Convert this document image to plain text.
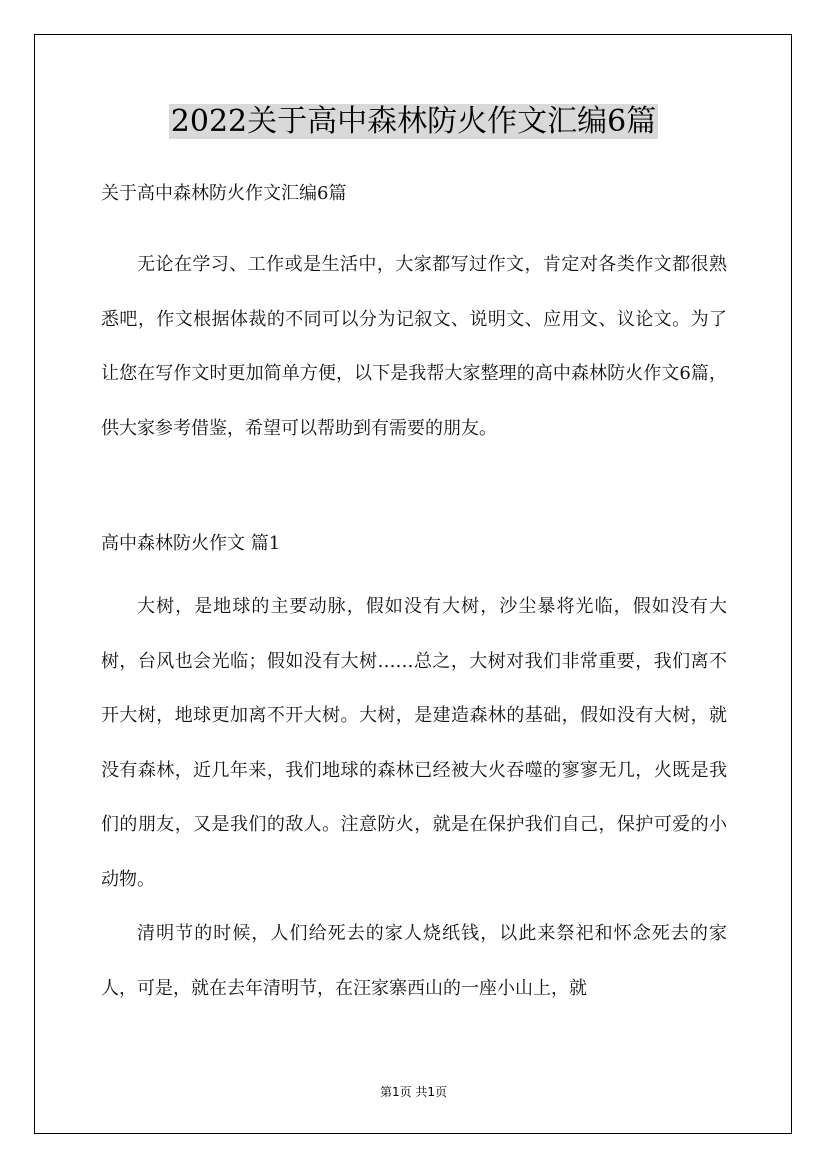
2022关于高中森林防火作文汇编6篇
关于高中森林防火作文汇编6篇

无论在学习、工作或是生活中，大家都写过作文，肯定对各类作文都很熟悉吧，作文根据体裁的不同可以分为记叙文、说明文、应用文、议论文。为了让您在写作文时更加简单方便，以下是我帮大家整理的高中森林防火作文6篇，供大家参考借鉴，希望可以帮助到有需要的朋友。

高中森林防火作文 篇1

大树，是地球的主要动脉，假如没有大树，沙尘暴将光临，假如没有大树，台风也会光临；假如没有大树……总之，大树对我们非常重要，我们离不开大树，地球更加离不开大树。大树，是建造森林的基础，假如没有大树，就没有森林，近几年来，我们地球的森林已经被大火吞噬的寥寥无几，火既是我们的朋友，又是我们的敌人。注意防火，就是在保护我们自己，保护可爱的小动物。

清明节的时候，人们给死去的家人烧纸钱，以此来祭祀和怀念死去的家人，可是，就在去年清明节，在汪家寨西山的一座小山上，就

第1页 共1页
